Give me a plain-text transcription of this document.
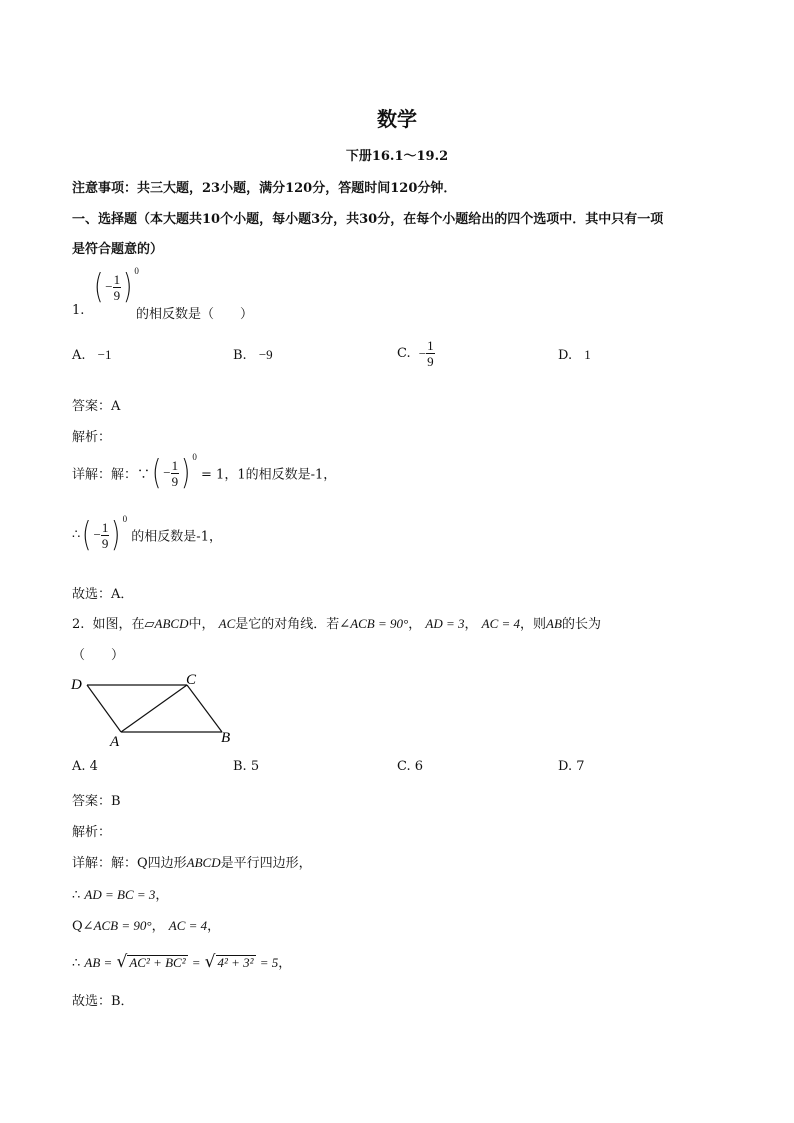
数学
下册16.1～19.2
注意事项：共三大题，23小题，满分120分，答题时间120分钟．
一、选择题（本大题共10个小题，每小题3分，共30分，在每个小题给出的四个选项中．其中只有一项
是符合题意的）
1.
( − $\frac{1}{9}$ ) $^0$
的相反数是（　　）
A. −1	B. −9	C. − $\frac{1}{9}$	D. 1
答案：A
解析：
详解：解：∵( − $\frac{1}{9}$ ) $^0$ = 1，1的相反数是-1，
∴( − $\frac{1}{9}$ ) $^0$ 的相反数是-1，
故选：A．
2. 如图，在▱ABCD中， AC是它的对角线．若∠ACB = 90°， AD = 3， AC = 4，则AB的长为
（　　）
D	C
A	B
A. 4	B. 5	C. 6	D. 7
答案：B
解析：
详解：解：Q四边形ABCD是平行四边形，
∴ AD = BC = 3，
Q∠ACB = 90°， AC = 4，
∴ AB = √ AC² + BC² = √ 4² + 3² = 5，
故选：B．
